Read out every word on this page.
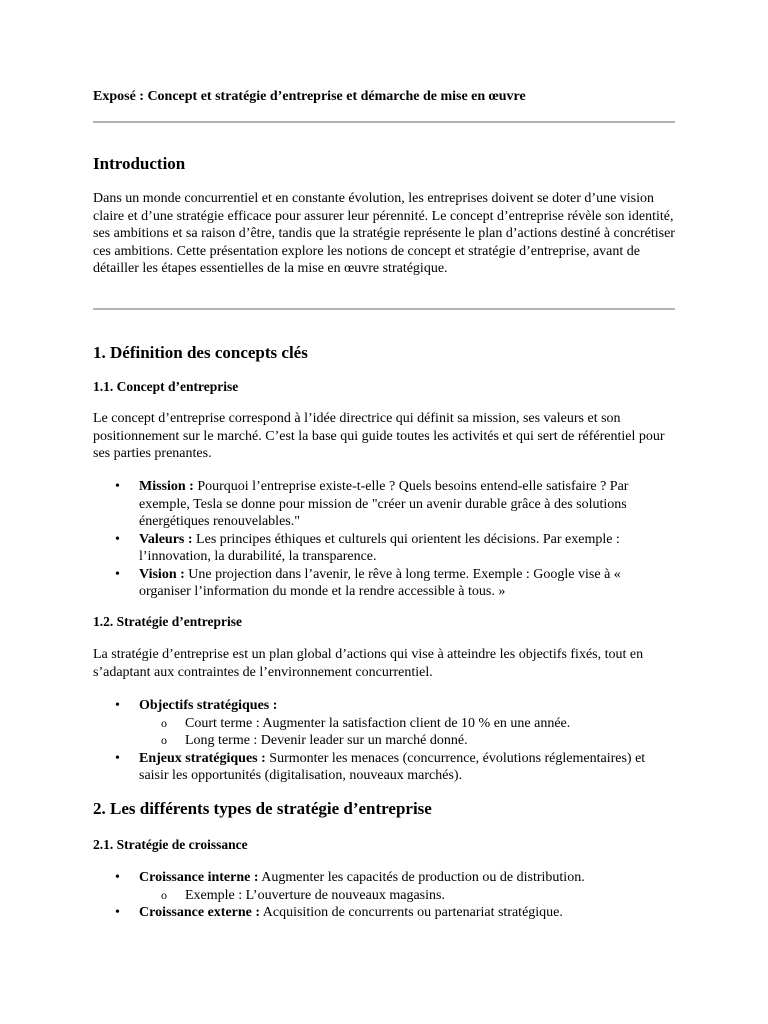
Exposé : Concept et stratégie d’entreprise et démarche de mise en œuvre
Introduction

Dans un monde concurrentiel et en constante évolution, les entreprises doivent se doter d’une vision claire et d’une stratégie efficace pour assurer leur pérennité. Le concept d’entreprise révèle son identité, ses ambitions et sa raison d’être, tandis que la stratégie représente le plan d’actions destiné à concrétiser ces ambitions. Cette présentation explore les notions de concept et stratégie d’entreprise, avant de détailler les étapes essentielles de la mise en œuvre stratégique.

1. Définition des concepts clés
1.1. Concept d’entreprise

Le concept d’entreprise correspond à l’idée directrice qui définit sa mission, ses valeurs et son positionnement sur le marché. C’est la base qui guide toutes les activités et qui sert de référentiel pour ses parties prenantes.

• Mission : Pourquoi l’entreprise existe-t-elle ? Quels besoins entend-elle satisfaire ? Par exemple, Tesla se donne pour mission de "créer un avenir durable grâce à des solutions énergétiques renouvelables."
• Valeurs : Les principes éthiques et culturels qui orientent les décisions. Par exemple : l’innovation, la durabilité, la transparence.
• Vision : Une projection dans l’avenir, le rêve à long terme. Exemple : Google vise à « organiser l’information du monde et la rendre accessible à tous. »
1.2. Stratégie d’entreprise

La stratégie d’entreprise est un plan global d’actions qui vise à atteindre les objectifs fixés, tout en s’adaptant aux contraintes de l’environnement concurrentiel.

• Objectifs stratégiques :
o Court terme : Augmenter la satisfaction client de 10 % en une année.
o Long terme : Devenir leader sur un marché donné.
• Enjeux stratégiques : Surmonter les menaces (concurrence, évolutions réglementaires) et saisir les opportunités (digitalisation, nouveaux marchés).
2. Les différents types de stratégie d’entreprise
2.1. Stratégie de croissance
• Croissance interne : Augmenter les capacités de production ou de distribution.
o Exemple : L’ouverture de nouveaux magasins.
• Croissance externe : Acquisition de concurrents ou partenariat stratégique.
